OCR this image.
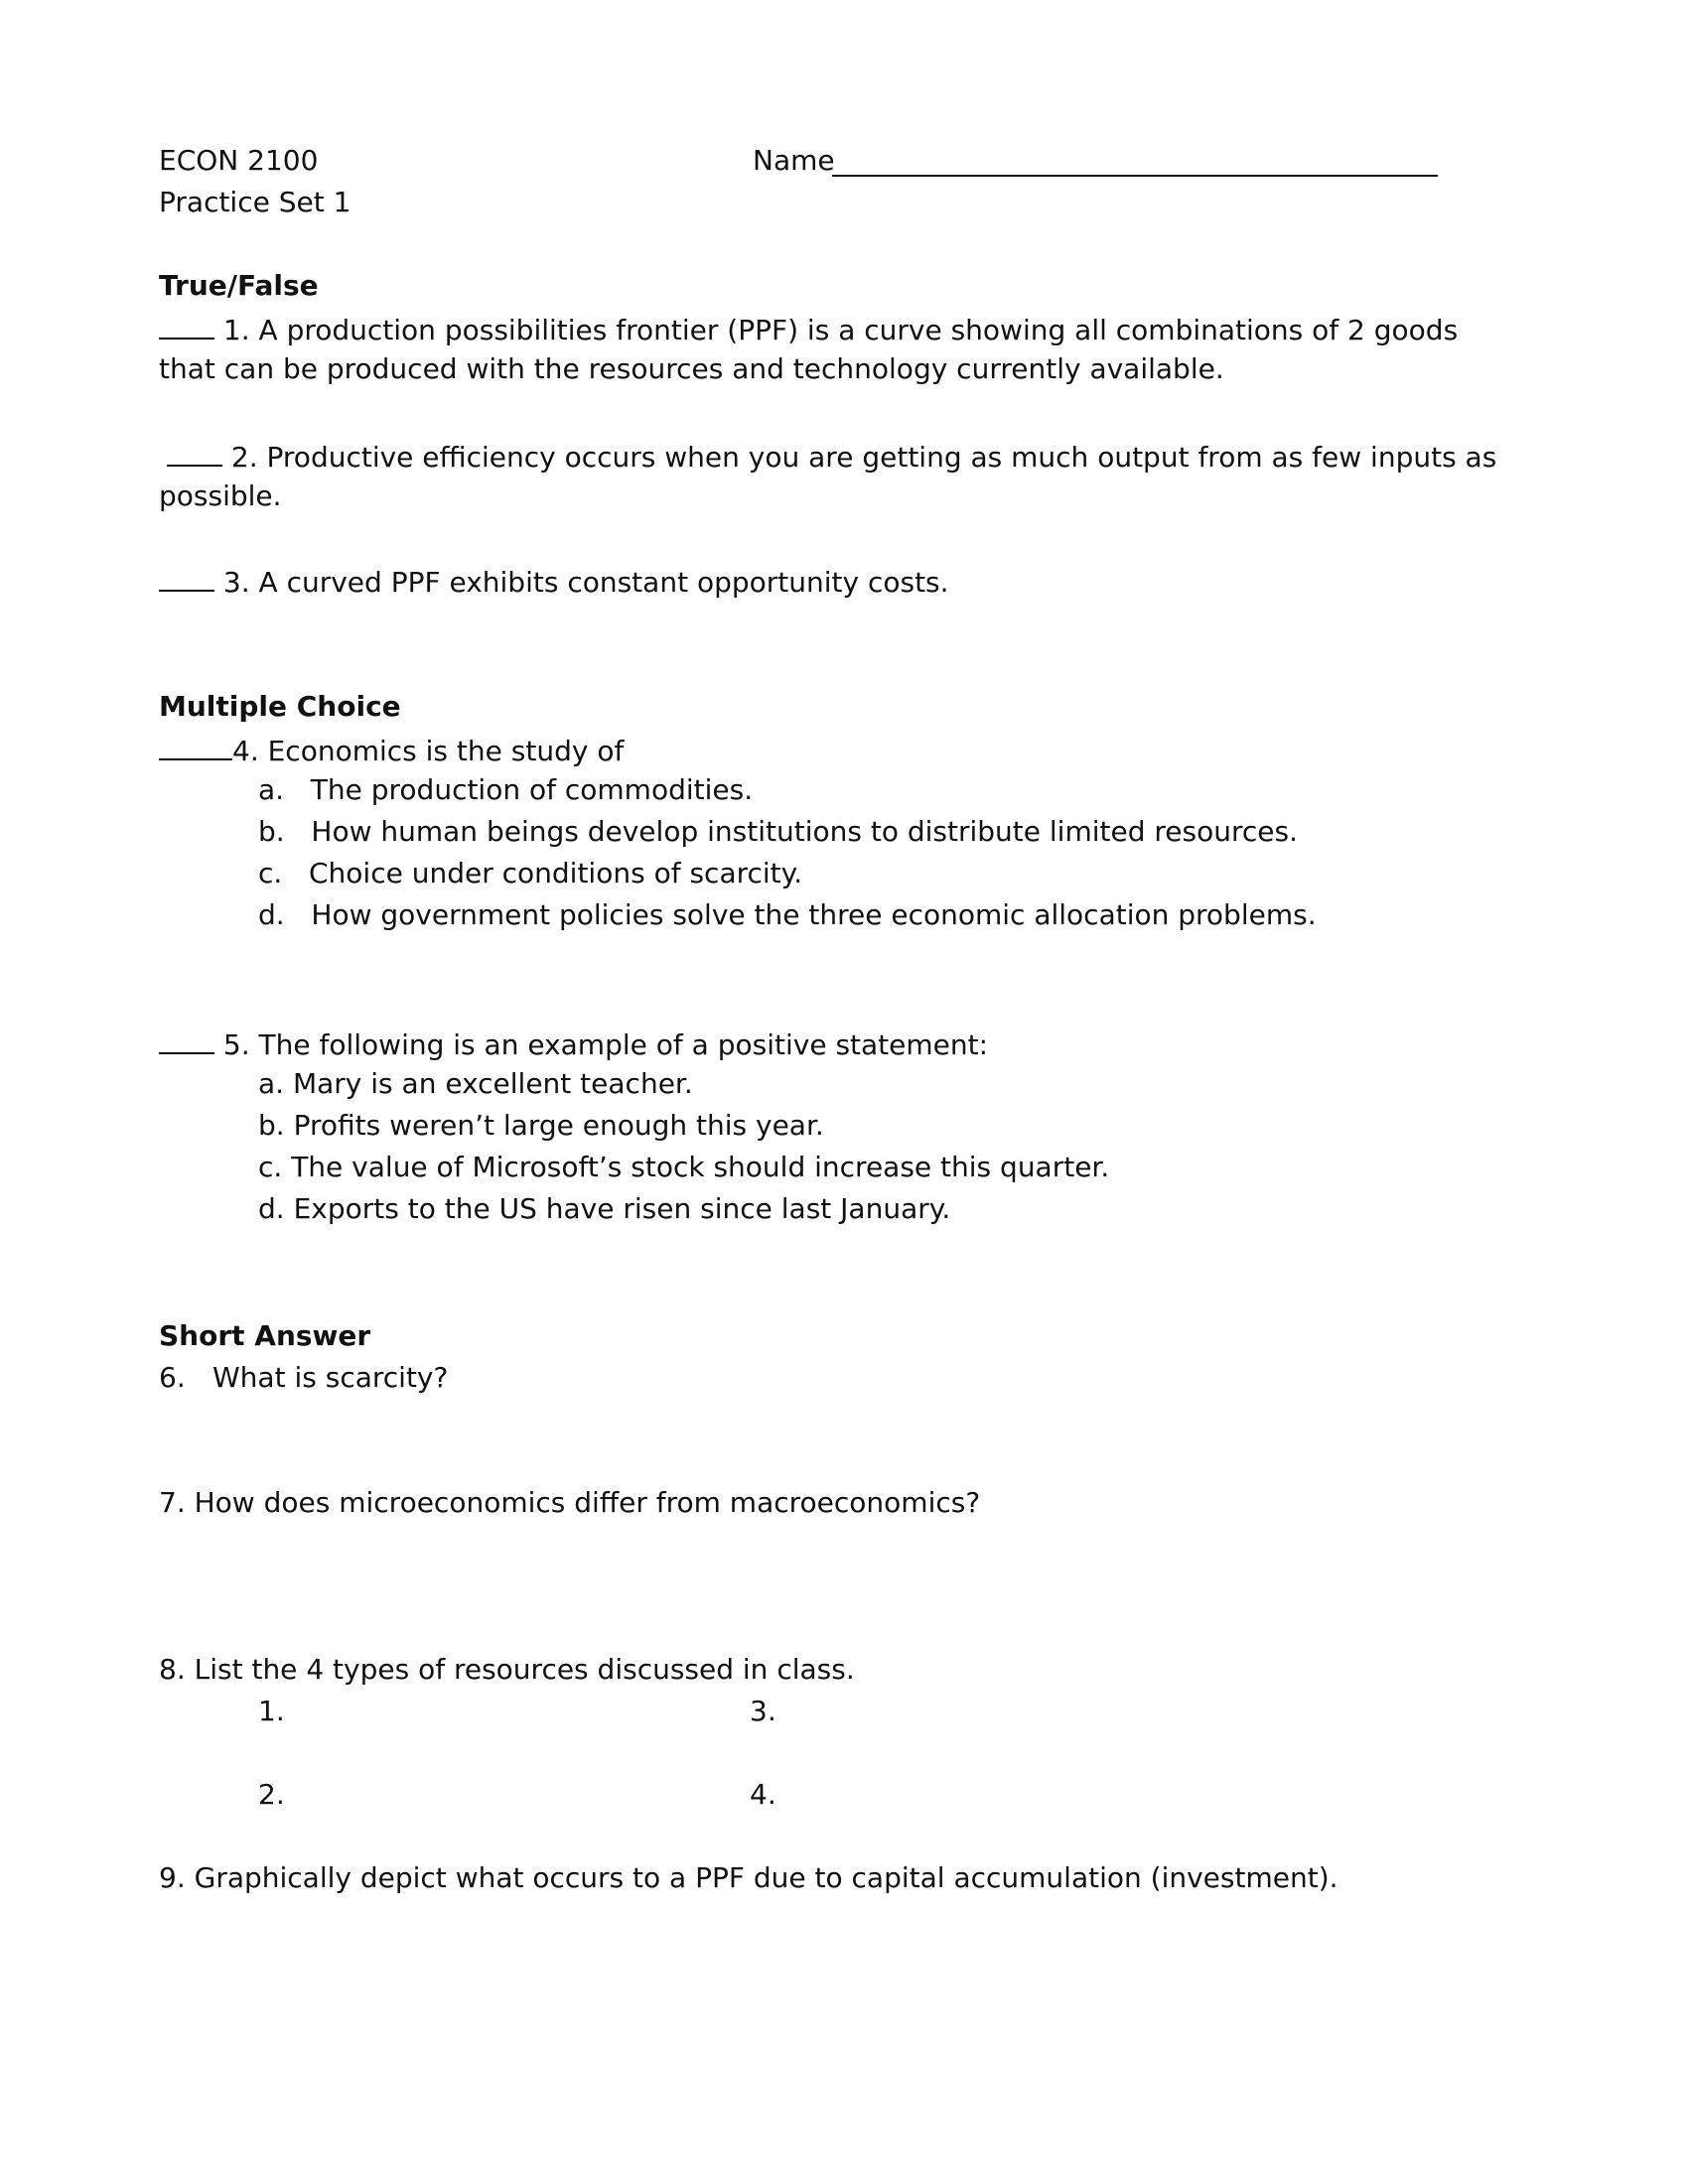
ECON 2100
Practice Set 1
Name
True/False
1. A production possibilities frontier (PPF) is a curve showing all combinations of 2 goods
that can be produced with the resources and technology currently available.
2. Productive efficiency occurs when you are getting as much output from as few inputs as
possible.
3. A curved PPF exhibits constant opportunity costs.
Multiple Choice
4. Economics is the study of
a. The production of commodities.
b. How human beings develop institutions to distribute limited resources.
c. Choice under conditions of scarcity.
d. How government policies solve the three economic allocation problems.
5. The following is an example of a positive statement:
a. Mary is an excellent teacher.
b. Profits weren’t large enough this year.
c. The value of Microsoft’s stock should increase this quarter.
d. Exports to the US have risen since last January.
Short Answer
6. What is scarcity?
7. How does microeconomics differ from macroeconomics?
8. List the 4 types of resources discussed in class.
1.	3.
2.	4.
9. Graphically depict what occurs to a PPF due to capital accumulation (investment).
